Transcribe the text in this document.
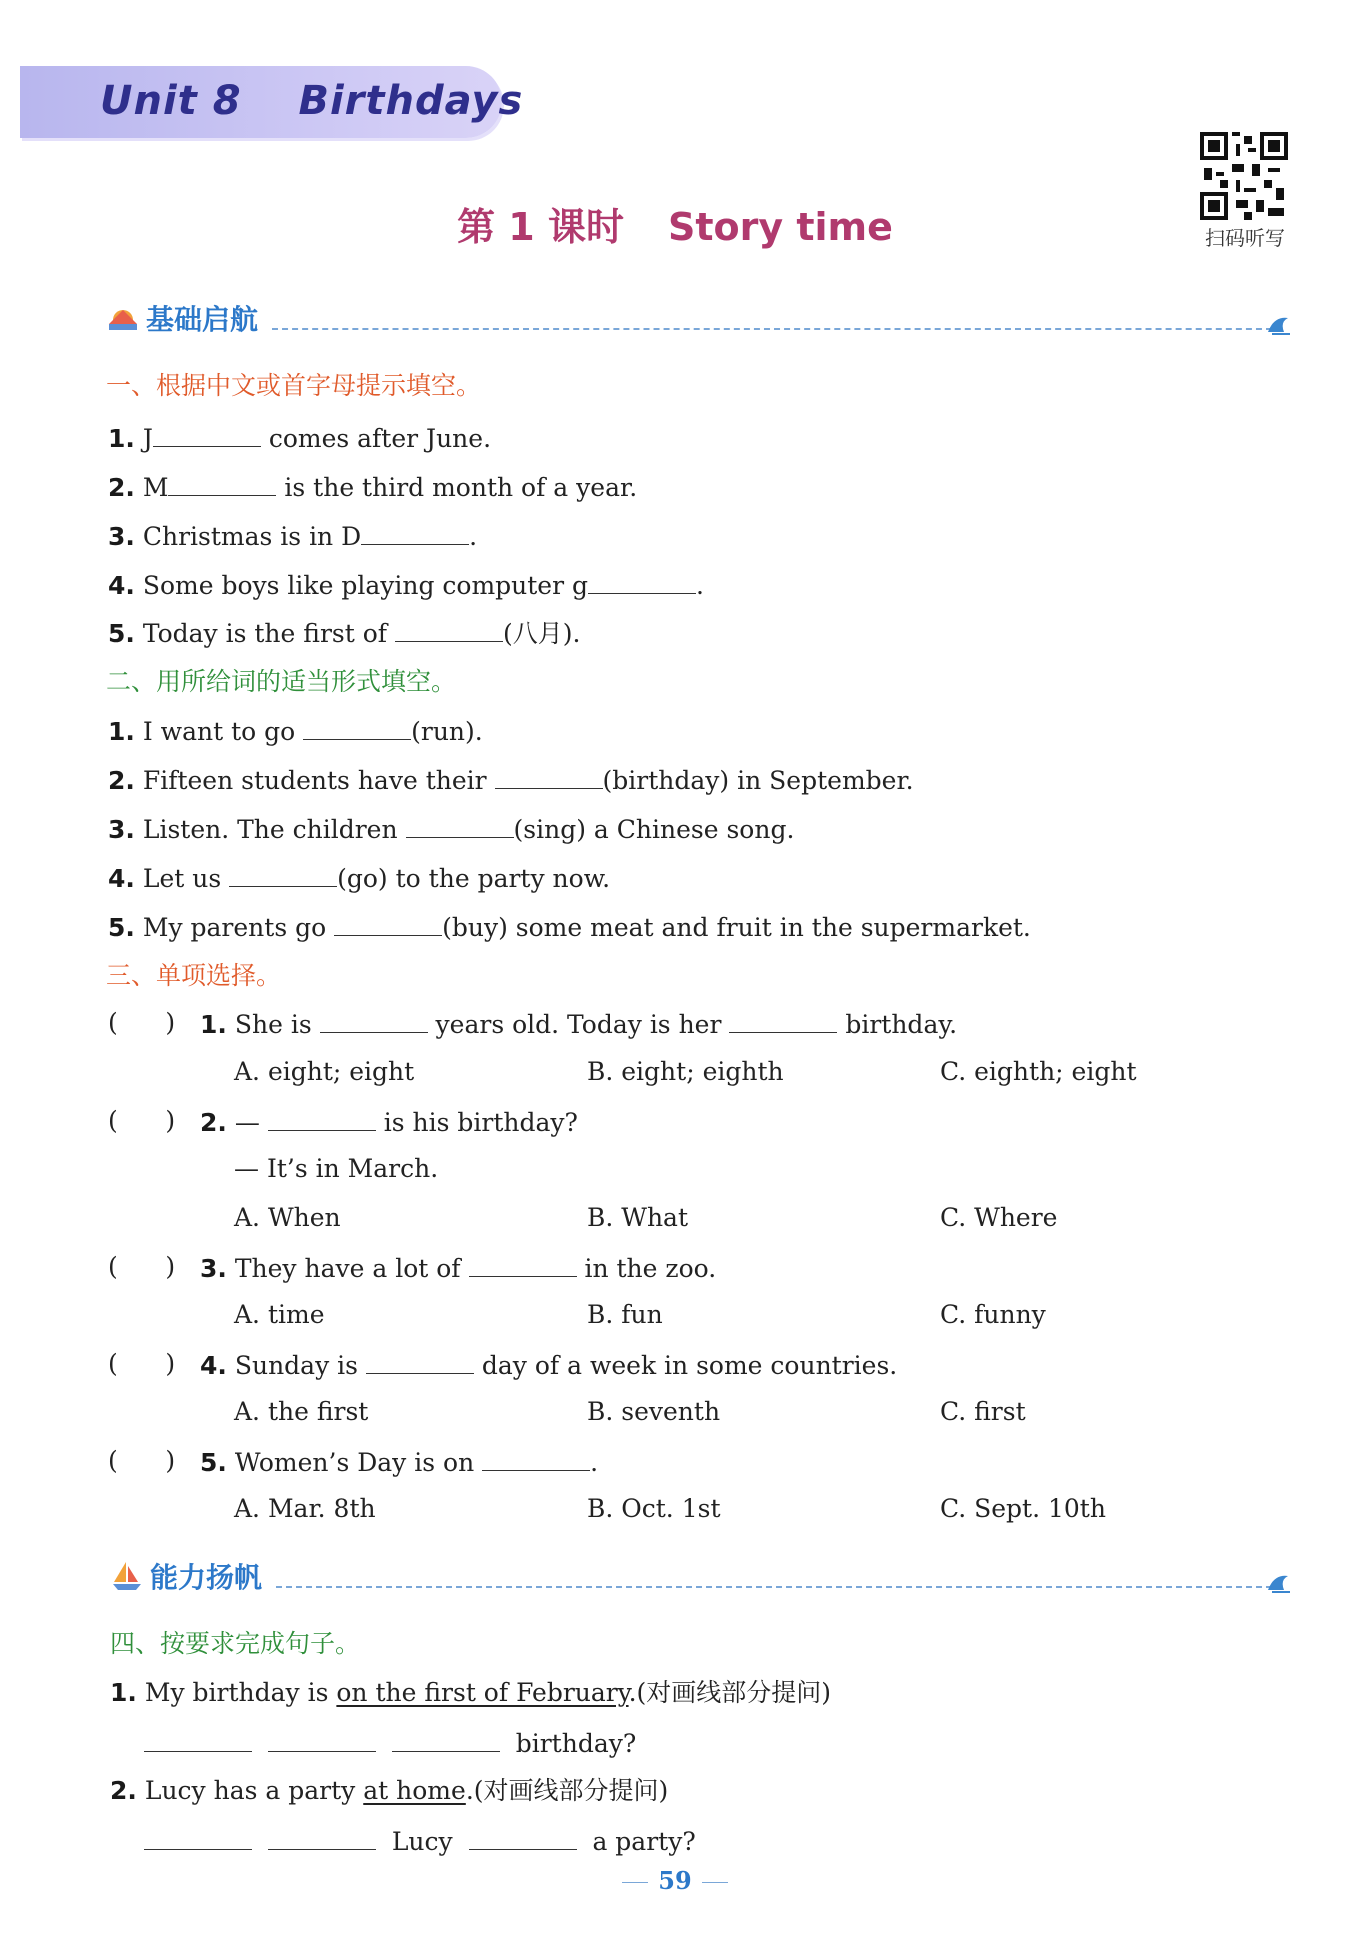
Unit 8 Birthdays
第 1 课时 Story time	扫码听写
基础启航
一、根据中文或首字母提示填空。
1. J	comes after June.
2. M	is the third month of a year.
3. Christmas is in D	.
4. Some boys like playing computer g	.
5. Today is the first of	(八月).
二、用所给词的适当形式填空。
1. I want to go	(run).
2. Fifteen students have their	(birthday) in September.
3. Listen. The children	(sing) a Chinese song.
4. Let us	(go) to the party now.
5. My parents go	(buy) some meat and fruit in the supermarket.
三、单项选择。
(      ) 1. She is	years old. Today is her	birthday.
A. eight; eight	B. eight; eighth	C. eighth; eight
(      ) 2. —	is his birthday?
— It’s in March.
A. When	B. What	C. Where
(      ) 3. They have a lot of	in the zoo.
A. time	B. fun	C. funny
(      ) 4. Sunday is	day of a week in some countries.
A. the first	B. seventh	C. first
(      ) 5. Women’s Day is on	.
A. Mar. 8th	B. Oct. 1st	C. Sept. 10th
能力扬帆
四、按要求完成句子。
1. My birthday is on the first of February.(对画线部分提问)
birthday?
2. Lucy has a party at home.(对画线部分提问)
Lucy	a party?
59
